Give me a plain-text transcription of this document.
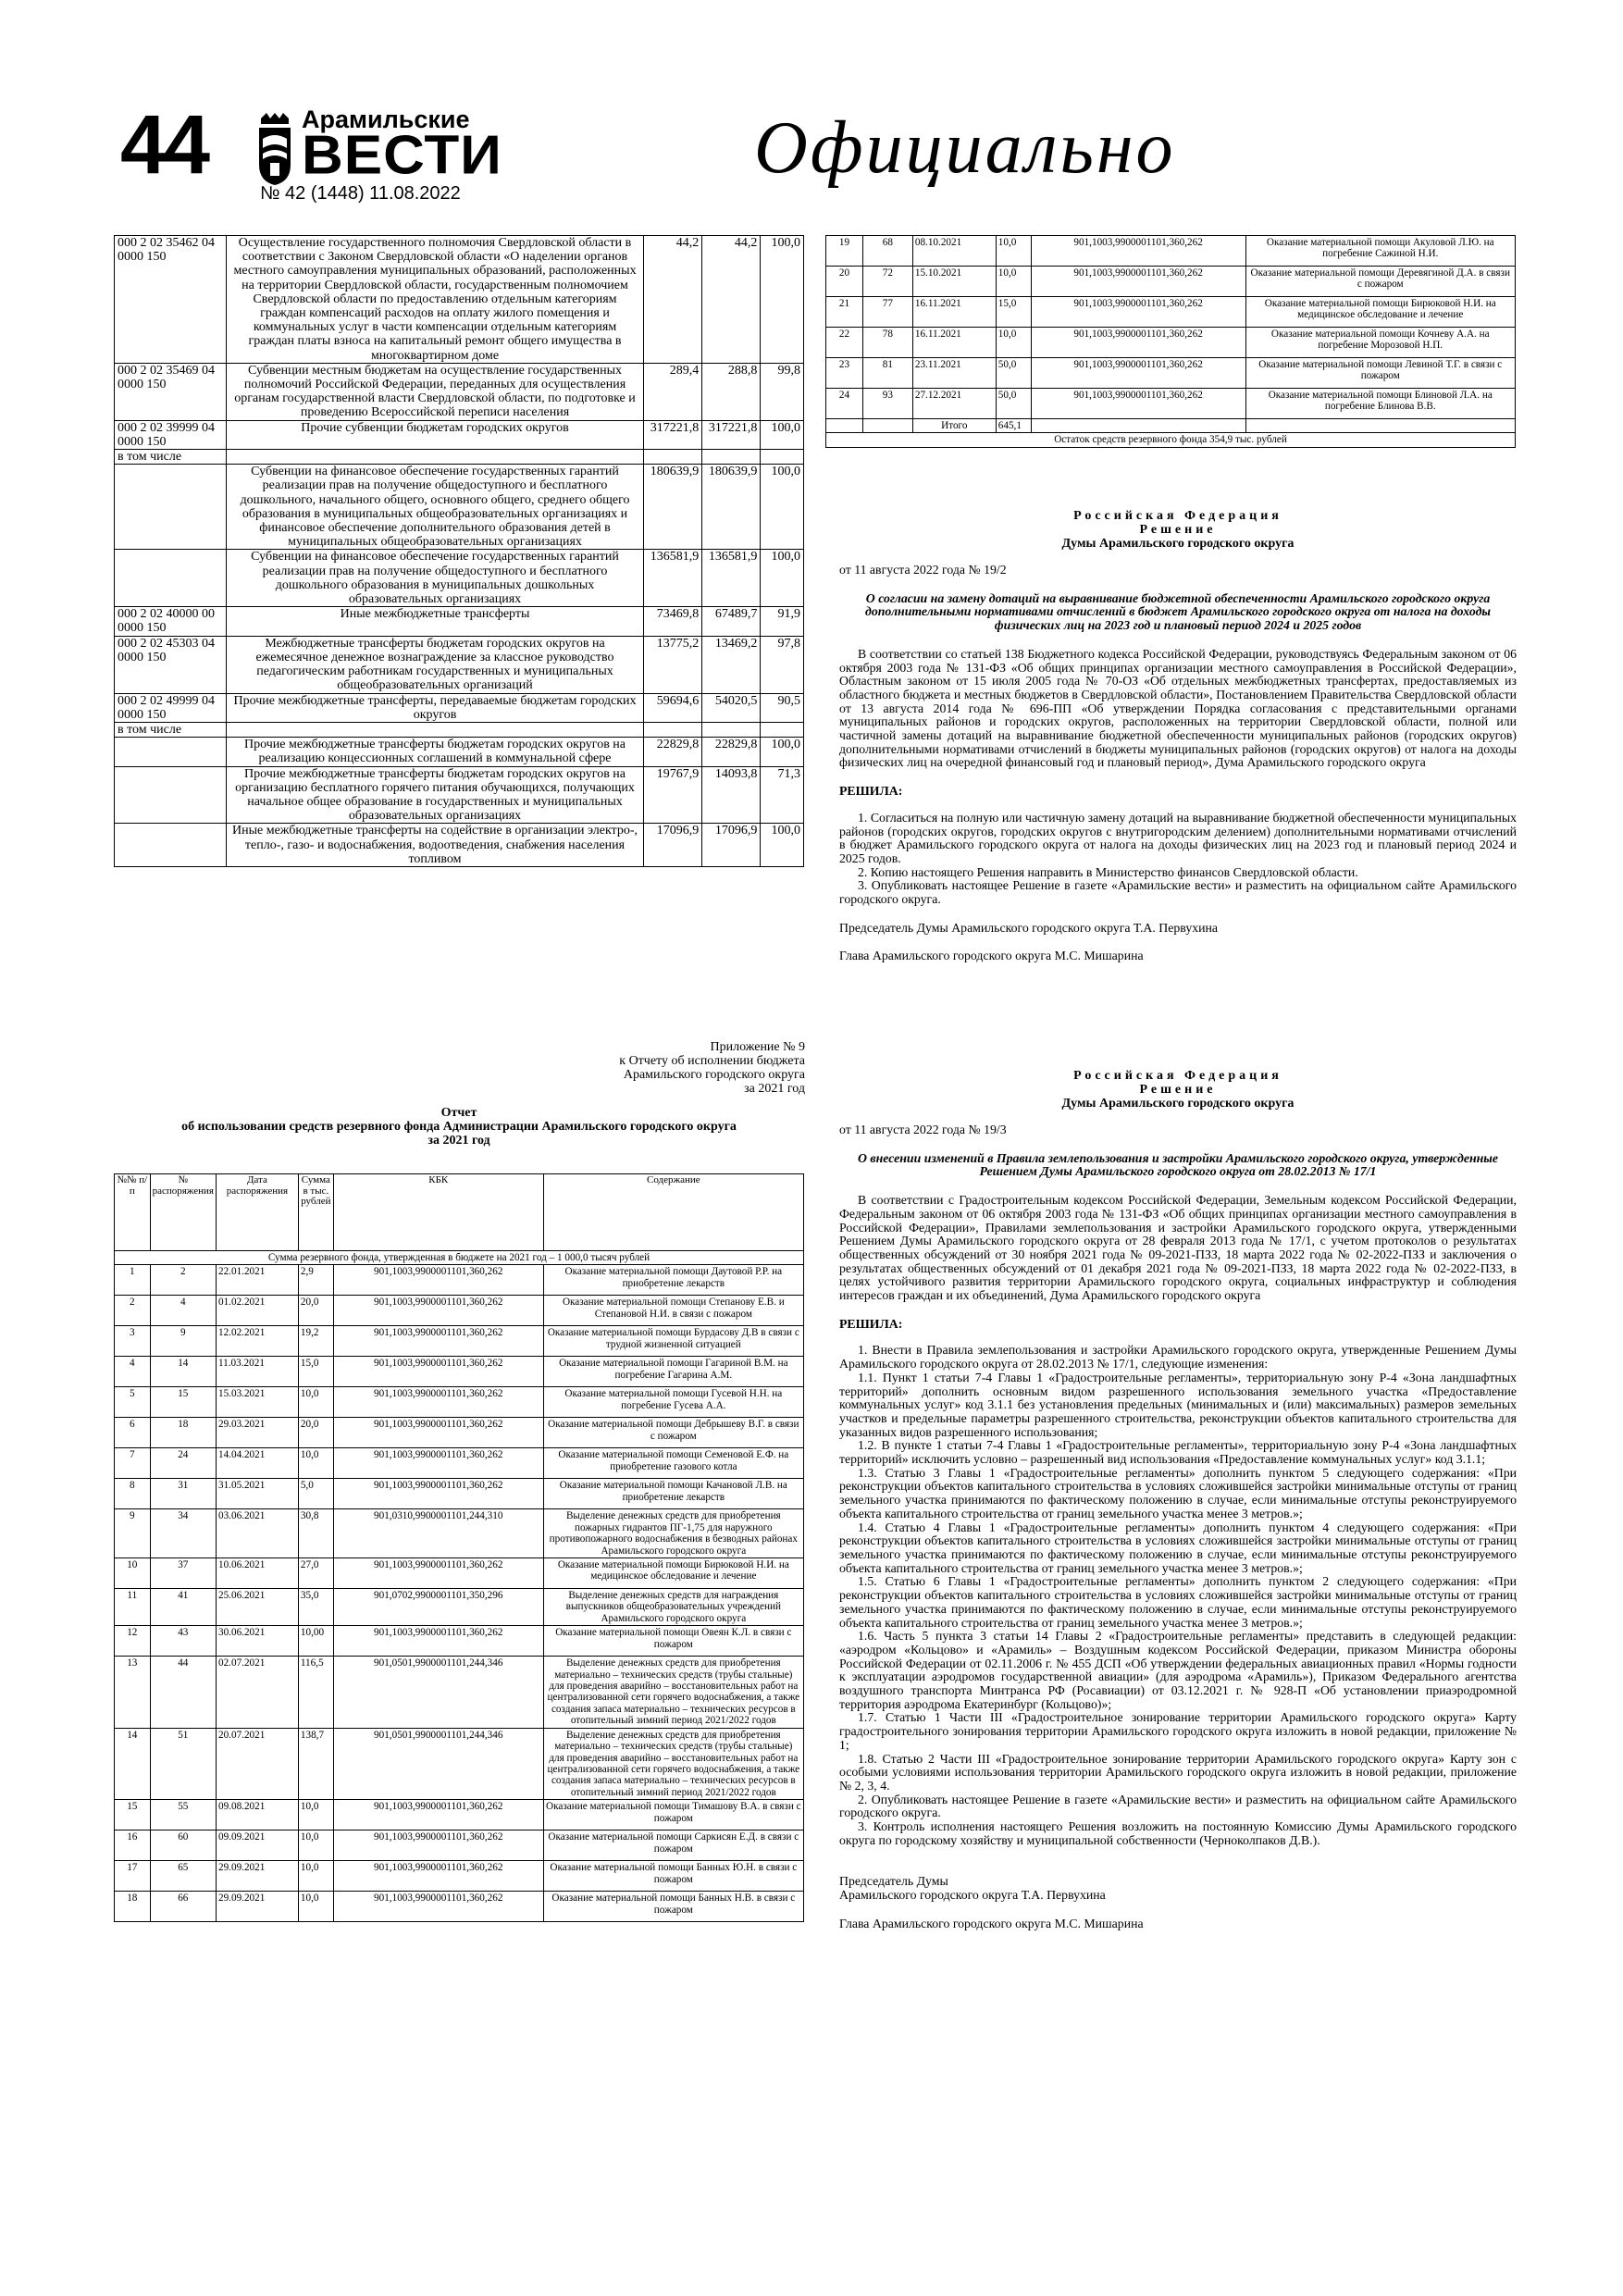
44	Арамильские
ВЕСТИ
№ 42 (1448) 11.08.2022
Официально
000 2 02 35462 04 0000 150	Осуществление государственного полномочия Свердловской области в соответствии с Законом Свердловской области «О наделении органов местного самоуправления муниципальных образований, расположенных на территории Свердловской области, государственным полномочием Свердловской области по предоставлению отдельным категориям граждан компенсаций расходов на оплату жилого помещения и коммунальных услуг в части компенсации отдельным категориям граждан платы взноса на капитальный ремонт общего имущества в многоквартирном доме	44,2	44,2	100,0
000 2 02 35469 04 0000 150	Субвенции местным бюджетам на осуществление государственных полномочий Российской Федерации, переданных для осуществления органам государственной власти Свердловской области, по подготовке и проведению Всероссийской переписи населения	289,4	288,8	99,8
000 2 02 39999 04 0000 150	Прочие субвенции бюджетам городских округов	317221,8	317221,8	100,0
в том числе				
	Субвенции на финансовое обеспечение государственных гарантий реализации прав на получение общедоступного и бесплатного дошкольного, начального общего, основного общего, среднего общего образования в муниципальных общеобразовательных организациях и финансовое обеспечение дополнительного образования детей в муниципальных общеобразовательных организациях	180639,9	180639,9	100,0
	Субвенции на финансовое обеспечение государственных гарантий реализации прав на получение общедоступного и бесплатного дошкольного образования в муниципальных дошкольных образовательных организациях	136581,9	136581,9	100,0
000 2 02 40000 00 0000 150	Иные межбюджетные трансферты	73469,8	67489,7	91,9
000 2 02 45303 04 0000 150	Межбюджетные трансферты бюджетам городских округов на ежемесячное денежное вознаграждение за классное руководство педагогическим работникам государственных и муниципальных общеобразовательных организаций	13775,2	13469,2	97,8
000 2 02 49999 04 0000 150	Прочие межбюджетные трансферты, передаваемые бюджетам городских округов	59694,6	54020,5	90,5
в том числе				
	Прочие межбюджетные трансферты бюджетам городских округов на реализацию концессионных соглашений в коммунальной сфере	22829,8	22829,8	100,0
	Прочие межбюджетные трансферты бюджетам городских округов на организацию бесплатного горячего питания обучающихся, получающих начальное общее образование в государственных и муниципальных образовательных организациях	19767,9	14093,8	71,3
	Иные межбюджетные трансферты на содействие в организации электро-, тепло-, газо- и водоснабжения, водоотведения, снабжения населения топливом	17096,9	17096,9	100,0
Приложение № 9
к Отчету об исполнении бюджета
Арамильского городского округа
за 2021 год
Отчет
об использовании средств резервного фонда Администрации Арамильского городского округа
за 2021 год
№№ п/п	№ распоряжения	Дата распоряжения	Сумма в тыс. рублей	КБК	Содержание
Сумма резервного фонда, утвержденная в бюджете на 2021 год – 1 000,0 тысяч рублей					
1	2	22.01.2021	2,9	901,1003,9900001101,360,262	Оказание материальной помощи Даутовой Р.Р. на приобретение лекарств
2	4	01.02.2021	20,0	901,1003,9900001101,360,262	Оказание материальной помощи Степанову Е.В. и Степановой Н.И. в связи с пожаром
3	9	12.02.2021	19,2	901,1003,9900001101,360,262	Оказание материальной помощи Бурдасову Д.В в связи с трудной жизненной ситуацией
4	14	11.03.2021	15,0	901,1003,9900001101,360,262	Оказание материальной помощи Гагариной В.М. на погребение Гагарина А.М.
5	15	15.03.2021	10,0	901,1003,9900001101,360,262	Оказание материальной помощи Гусевой Н.Н. на погребение Гусева А.А.
6	18	29.03.2021	20,0	901,1003,9900001101,360,262	Оказание материальной помощи Дебрышеву В.Г. в связи с пожаром
7	24	14.04.2021	10,0	901,1003,9900001101,360,262	Оказание материальной помощи Семеновой Е.Ф. на приобретение газового котла
8	31	31.05.2021	5,0	901,1003,9900001101,360,262	Оказание материальной помощи Качановой Л.В. на приобретение лекарств
9	34	03.06.2021	30,8	901,0310,9900001101,244,310	Выделение денежных средств для приобретения пожарных гидрантов ПГ-1,75 для наружного противопожарного водоснабжения в безводных районах Арамильского городского округа
10	37	10.06.2021	27,0	901,1003,9900001101,360,262	Оказание материальной помощи Бирюковой Н.И. на медицинское обследование и лечение
11	41	25.06.2021	35,0	901,0702,9900001101,350,296	Выделение денежных средств для награждения выпускников общеобразовательных учреждений Арамильского городского округа
12	43	30.06.2021	10,00	901,1003,9900001101,360,262	Оказание материальной помощи Овеян К.Л. в связи с пожаром
13	44	02.07.2021	116,5	901,0501,9900001101,244,346	Выделение денежных средств для приобретения материально – технических средств (трубы стальные) для проведения аварийно – восстановительных работ на централизованной сети горячего водоснабжения, а также создания запаса материально – технических ресурсов в отопительный зимний период 2021/2022 годов
14	51	20.07.2021	138,7	901,0501,9900001101,244,346	Выделение денежных средств для приобретения материально – технических средств (трубы стальные) для проведения аварийно – восстановительных работ на централизованной сети горячего водоснабжения, а также создания запаса материально – технических ресурсов в отопительный зимний период 2021/2022 годов
15	55	09.08.2021	10,0	901,1003,9900001101,360,262	Оказание материальной помощи Тимашову В.А. в связи с пожаром
16	60	09.09.2021	10,0	901,1003,9900001101,360,262	Оказание материальной помощи Саркисян Е.Д. в связи с пожаром
17	65	29.09.2021	10,0	901,1003,9900001101,360,262	Оказание материальной помощи Банных Ю.Н. в связи с пожаром
18	66	29.09.2021	10,0	901,1003,9900001101,360,262	Оказание материальной помощи Банных Н.В. в связи с пожаром
19	68	08.10.2021	10,0	901,1003,9900001101,360,262	Оказание материальной помощи Акуловой Л.Ю. на погребение Сажиной Н.И.
20	72	15.10.2021	10,0	901,1003,9900001101,360,262	Оказание материальной помощи Деревягиной Д.А. в связи с пожаром
21	77	16.11.2021	15,0	901,1003,9900001101,360,262	Оказание материальной помощи Бирюковой Н.И. на медицинское обследование и лечение
22	78	16.11.2021	10,0	901,1003,9900001101,360,262	Оказание материальной помощи Кочневу А.А. на погребение Морозовой Н.П.
23	81	23.11.2021	50,0	901,1003,9900001101,360,262	Оказание материальной помощи Левиной Т.Г. в связи с пожаром
24	93	27.12.2021	50,0	901,1003,9900001101,360,262	Оказание материальной помощи Блиновой Л.А. на погребение Блинова В.В.
		Итого	645,1		
Остаток средств резервного фонда 354,9 тыс. рублей					
Российская Федерация
Решение
Думы Арамильского городского округа
от 11 августа 2022 года № 19/2
О согласии на замену дотаций на выравнивание бюджетной обеспеченности Арамильского городского округа дополнительными нормативами отчислений в бюджет Арамильского городского округа от налога на доходы физических лиц на 2023 год и плановый период 2024 и 2025 годов

В соответствии со статьей 138 Бюджетного кодекса Российской Федерации, руководствуясь Федеральным законом от 06 октября 2003 года № 131-ФЗ «Об общих принципах организации местного самоуправления в Российской Федерации», Областным законом от 15 июля 2005 года № 70-ОЗ «Об отдельных межбюджетных трансфертах, предоставляемых из областного бюджета и местных бюджетов в Свердловской области», Постановлением Правительства Свердловской области от 13 августа 2014 года № 696-ПП «Об утверждении Порядка согласования с представительными органами муниципальных районов и городских округов, расположенных на территории Свердловской области, полной или частичной замены дотаций на выравнивание бюджетной обеспеченности муниципальных районов (городских округов) дополнительными нормативами отчислений в бюджеты муниципальных районов (городских округов) от налога на доходы физических лиц на очередной финансовый год и плановый период», Дума Арамильского городского округа

РЕШИЛА:

1. Согласиться на полную или частичную замену дотаций на выравнивание бюджетной обеспеченности муниципальных районов (городских округов, городских округов с внутригородским делением) дополнительными нормативами отчислений в бюджет Арамильского городского округа от налога на доходы физических лиц на 2023 год и плановый период 2024 и 2025 годов.

2. Копию настоящего Решения направить в Министерство финансов Свердловской области.

3. Опубликовать настоящее Решение в газете «Арамильские вести» и разместить на официальном сайте Арамильского городского округа.

Председатель Думы Арамильского городского округа Т.А. Первухина
Глава Арамильского городского округа М.С. Мишарина
Российская Федерация
Решение
Думы Арамильского городского округа
от 11 августа 2022 года № 19/3
О внесении изменений в Правила землепользования и застройки Арамильского городского округа, утвержденные Решением Думы Арамильского городского округа от 28.02.2013 № 17/1

В соответствии с Градостроительным кодексом Российской Федерации, Земельным кодексом Российской Федерации, Федеральным законом от 06 октября 2003 года № 131-ФЗ «Об общих принципах организации местного самоуправления в Российской Федерации», Правилами землепользования и застройки Арамильского городского округа, утвержденными Решением Думы Арамильского городского округа от 28 февраля 2013 года № 17/1, с учетом протоколов о результатах общественных обсуждений от 30 ноября 2021 года № 09-2021-ПЗЗ, 18 марта 2022 года № 02-2022-ПЗЗ и заключения о результатах общественных обсуждений от 01 декабря 2021 года № 09-2021-ПЗЗ, 18 марта 2022 года № 02-2022-ПЗЗ, в целях устойчивого развития территории Арамильского городского округа, социальных инфраструктур и соблюдения интересов граждан и их объединений, Дума Арамильского городского округа

РЕШИЛА:

1. Внести в Правила землепользования и застройки Арамильского городского округа, утвержденные Решением Думы Арамильского городского округа от 28.02.2013 № 17/1, следующие изменения:

1.1. Пункт 1 статьи 7-4 Главы 1 «Градостроительные регламенты», территориальную зону Р-4 «Зона ландшафтных территорий» дополнить основным видом разрешенного использования земельного участка «Предоставление коммунальных услуг» код 3.1.1 без установления предельных (минимальных и (или) максимальных) размеров земельных участков и предельные параметры разрешенного строительства, реконструкции объектов капитального строительства для указанных видов разрешенного использования;

1.2. В пункте 1 статьи 7-4 Главы 1 «Градостроительные регламенты», территориальную зону Р-4 «Зона ландшафтных территорий» исключить условно – разрешенный вид использования «Предоставление коммунальных услуг» код 3.1.1;

1.3. Статью 3 Главы 1 «Градостроительные регламенты» дополнить пунктом 5 следующего содержания: «При реконструкции объектов капитального строительства в условиях сложившейся застройки минимальные отступы от границ земельного участка принимаются по фактическому положению в случае, если минимальные отступы реконструируемого объекта капитального строительства от границ земельного участка менее 3 метров.»;

1.4. Статью 4 Главы 1 «Градостроительные регламенты» дополнить пунктом 4 следующего содержания: «При реконструкции объектов капитального строительства в условиях сложившейся застройки минимальные отступы от границ земельного участка принимаются по фактическому положению в случае, если минимальные отступы реконструируемого объекта капитального строительства от границ земельного участка менее 3 метров.»;

1.5. Статью 6 Главы 1 «Градостроительные регламенты» дополнить пунктом 2 следующего содержания: «При реконструкции объектов капитального строительства в условиях сложившейся застройки минимальные отступы от границ земельного участка принимаются по фактическому положению в случае, если минимальные отступы реконструируемого объекта капитального строительства от границ земельного участка менее 3 метров.»;

1.6. Часть 5 пункта 3 статьи 14 Главы 2 «Градостроительные регламенты» представить в следующей редакции: «аэродром «Кольцово» и «Арамиль» – Воздушным кодексом Российской Федерации, приказом Министра обороны Российской Федерации от 02.11.2006 г. № 455 ДСП «Об утверждении федеральных авиационных правил «Нормы годности к эксплуатации аэродромов государственной авиации» (для аэродрома «Арамиль»), Приказом Федерального агентства воздушного транспорта Минтранса РФ (Росавиации) от 03.12.2021 г. № 928-П «Об установлении приаэродромной территория аэродрома Екатеринбург (Кольцово)»;

1.7. Статью 1 Части III «Градостроительное зонирование территории Арамильского городского округа» Карту градостроительного зонирования территории Арамильского городского округа изложить в новой редакции, приложение № 1;

1.8. Статью 2 Части III «Градостроительное зонирование территории Арамильского городского округа» Карту зон с особыми условиями использования территории Арамильского городского округа изложить в новой редакции, приложение № 2, 3, 4.

2. Опубликовать настоящее Решение в газете «Арамильские вести» и разместить на официальном сайте Арамильского городского округа.

3. Контроль исполнения настоящего Решения возложить на постоянную Комиссию Думы Арамильского городского округа по городскому хозяйству и муниципальной собственности (Черноколпаков Д.В.).

Председатель Думы
Арамильского городского округа Т.А. Первухина
Глава Арамильского городского округа М.С. Мишарина
